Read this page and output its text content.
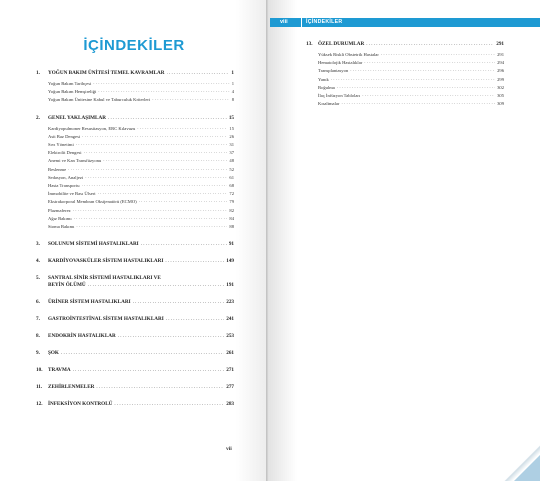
İÇİNDEKİLER
1. YOĞUN BAKIM ÜNİTESİ TEMEL KAVRAMLAR . . .	1
Yoğun Bakım Tarihçesi . . .	1
Yoğun Bakım Hemşireliği . . .	4
Yoğun Bakım Ünitesine Kabul ve Taburculuk Kriterleri . . .	8
2. GENEL YAKLAŞIMLAR . . .	15
Kardiyopulmoner Resusitasyon, ERC Kılavuzu . . .	15
Asit Baz Dengesi . . .	26
Sıvı Yönetimi . . .	31
Elektrolit Dengesi . . .	37
Anemi ve Kan Transfüzyonu . . .	48
Beslenme . . .	52
Sedasyon, Analjezi . . .	61
Hasta Transportu . . .	68
İmmobilite ve Bası Ülseri . . .	72
Ekstrakorporal Membran Oksijenatörü (ECMO) . . .	79
Plazmaferez . . .	82
Ağız Bakımı . . .	84
Stoma Bakımı . . .	88
3. SOLUNUM SİSTEMİ HASTALIKLARI . . .	91
4. KARDİYOVASKÜLER SİSTEM HASTALIKLARI . . .	149
5. SANTRAL SİNİR SİSTEMİ HASTALIKLARI VE
BEYİN ÖLÜMÜ . . .	191
6. ÜRİNER SİSTEM HASTALIKLARI . . .	223
7. GASTROİNTESTİNAL SİSTEM HASTALIKLARI . . .	241
8. ENDOKRİN HASTALIKLAR . . .	253
9. ŞOK . . .	261
10. TRAVMA . . .	271
11. ZEHİRLENMELER . . .	277
12. İNFEKSİYON KONTROLÜ . . .	283
vii
viii	İÇİNDEKİLER
13. ÖZEL DURUMLAR . . .	291
Yüksek Riskli Obstetrik Hastalar . . .	291
Hematolojik Hastalıklar . . .	294
Transplantasyon . . .	296
Yanık . . .	299
Boğulma . . .	302
İlaç İnfüzyon Tabloları . . .	305
Kısaltmalar . . .	309
